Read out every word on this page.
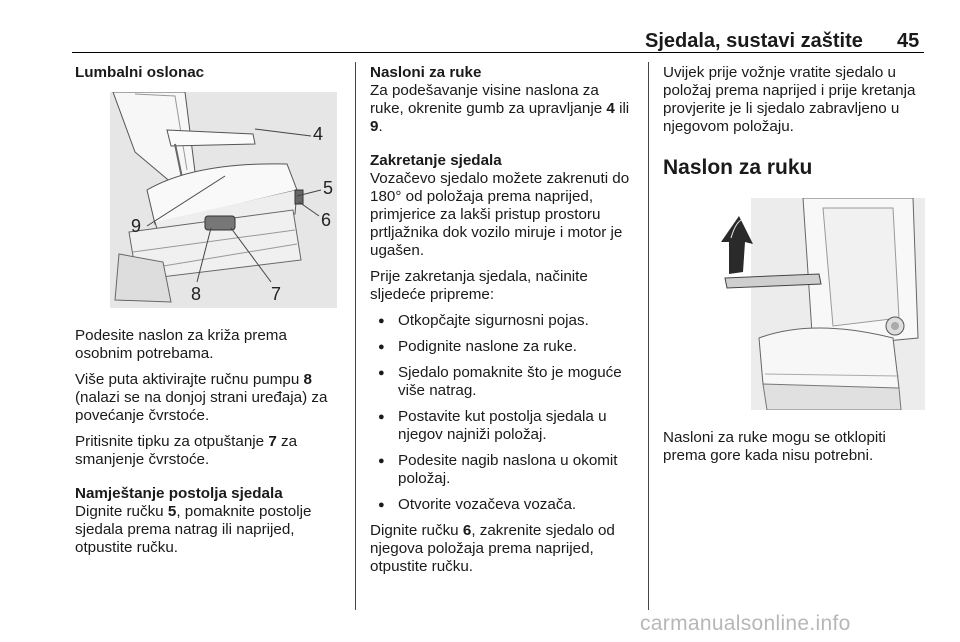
Sjedala, sustavi zaštite 45
Lumbalni oslonac
4
5
6
9
8	7

Podesite naslon za križa prema osobnim potrebama.

Više puta aktivirajte ručnu pumpu 8 (nalazi se na donjoj strani uređaja) za povećanje čvrstoće.

Pritisnite tipku za otpuštanje 7 za smanjenje čvrstoće.

Namještanje postolja sjedala

Dignite ručku 5, pomaknite postolje sjedala prema natrag ili naprijed, otpustite ručku.

Nasloni za ruke

Za podešavanje visine naslona za ruke, okrenite gumb za upravljanje 4 ili 9.

Zakretanje sjedala

Vozačevo sjedalo možete zakrenuti do 180° od položaja prema naprijed, primjerice za lakši pristup prostoru prtljažnika dok vozilo miruje i motor je ugašen.

Prije zakretanja sjedala, načinite sljedeće pripreme:

● Otkopčajte sigurnosni pojas.
● Podignite naslone za ruke.
● Sjedalo pomaknite što je moguće više natrag.
● Postavite kut postolja sjedala u njegov najniži položaj.
● Podesite nagib naslona u okomit položaj.
● Otvorite vozačeva vozača.

Dignite ručku 6, zakrenite sjedalo od njegova položaja prema naprijed, otpustite ručku.

Uvijek prije vožnje vratite sjedalo u položaj prema naprijed i prije kretanja provjerite je li sjedalo zabravljeno u njegovom položaju.

Naslon za ruku

Nasloni za ruke mogu se otklopiti prema gore kada nisu potrebni.

carmanualsonline.info
